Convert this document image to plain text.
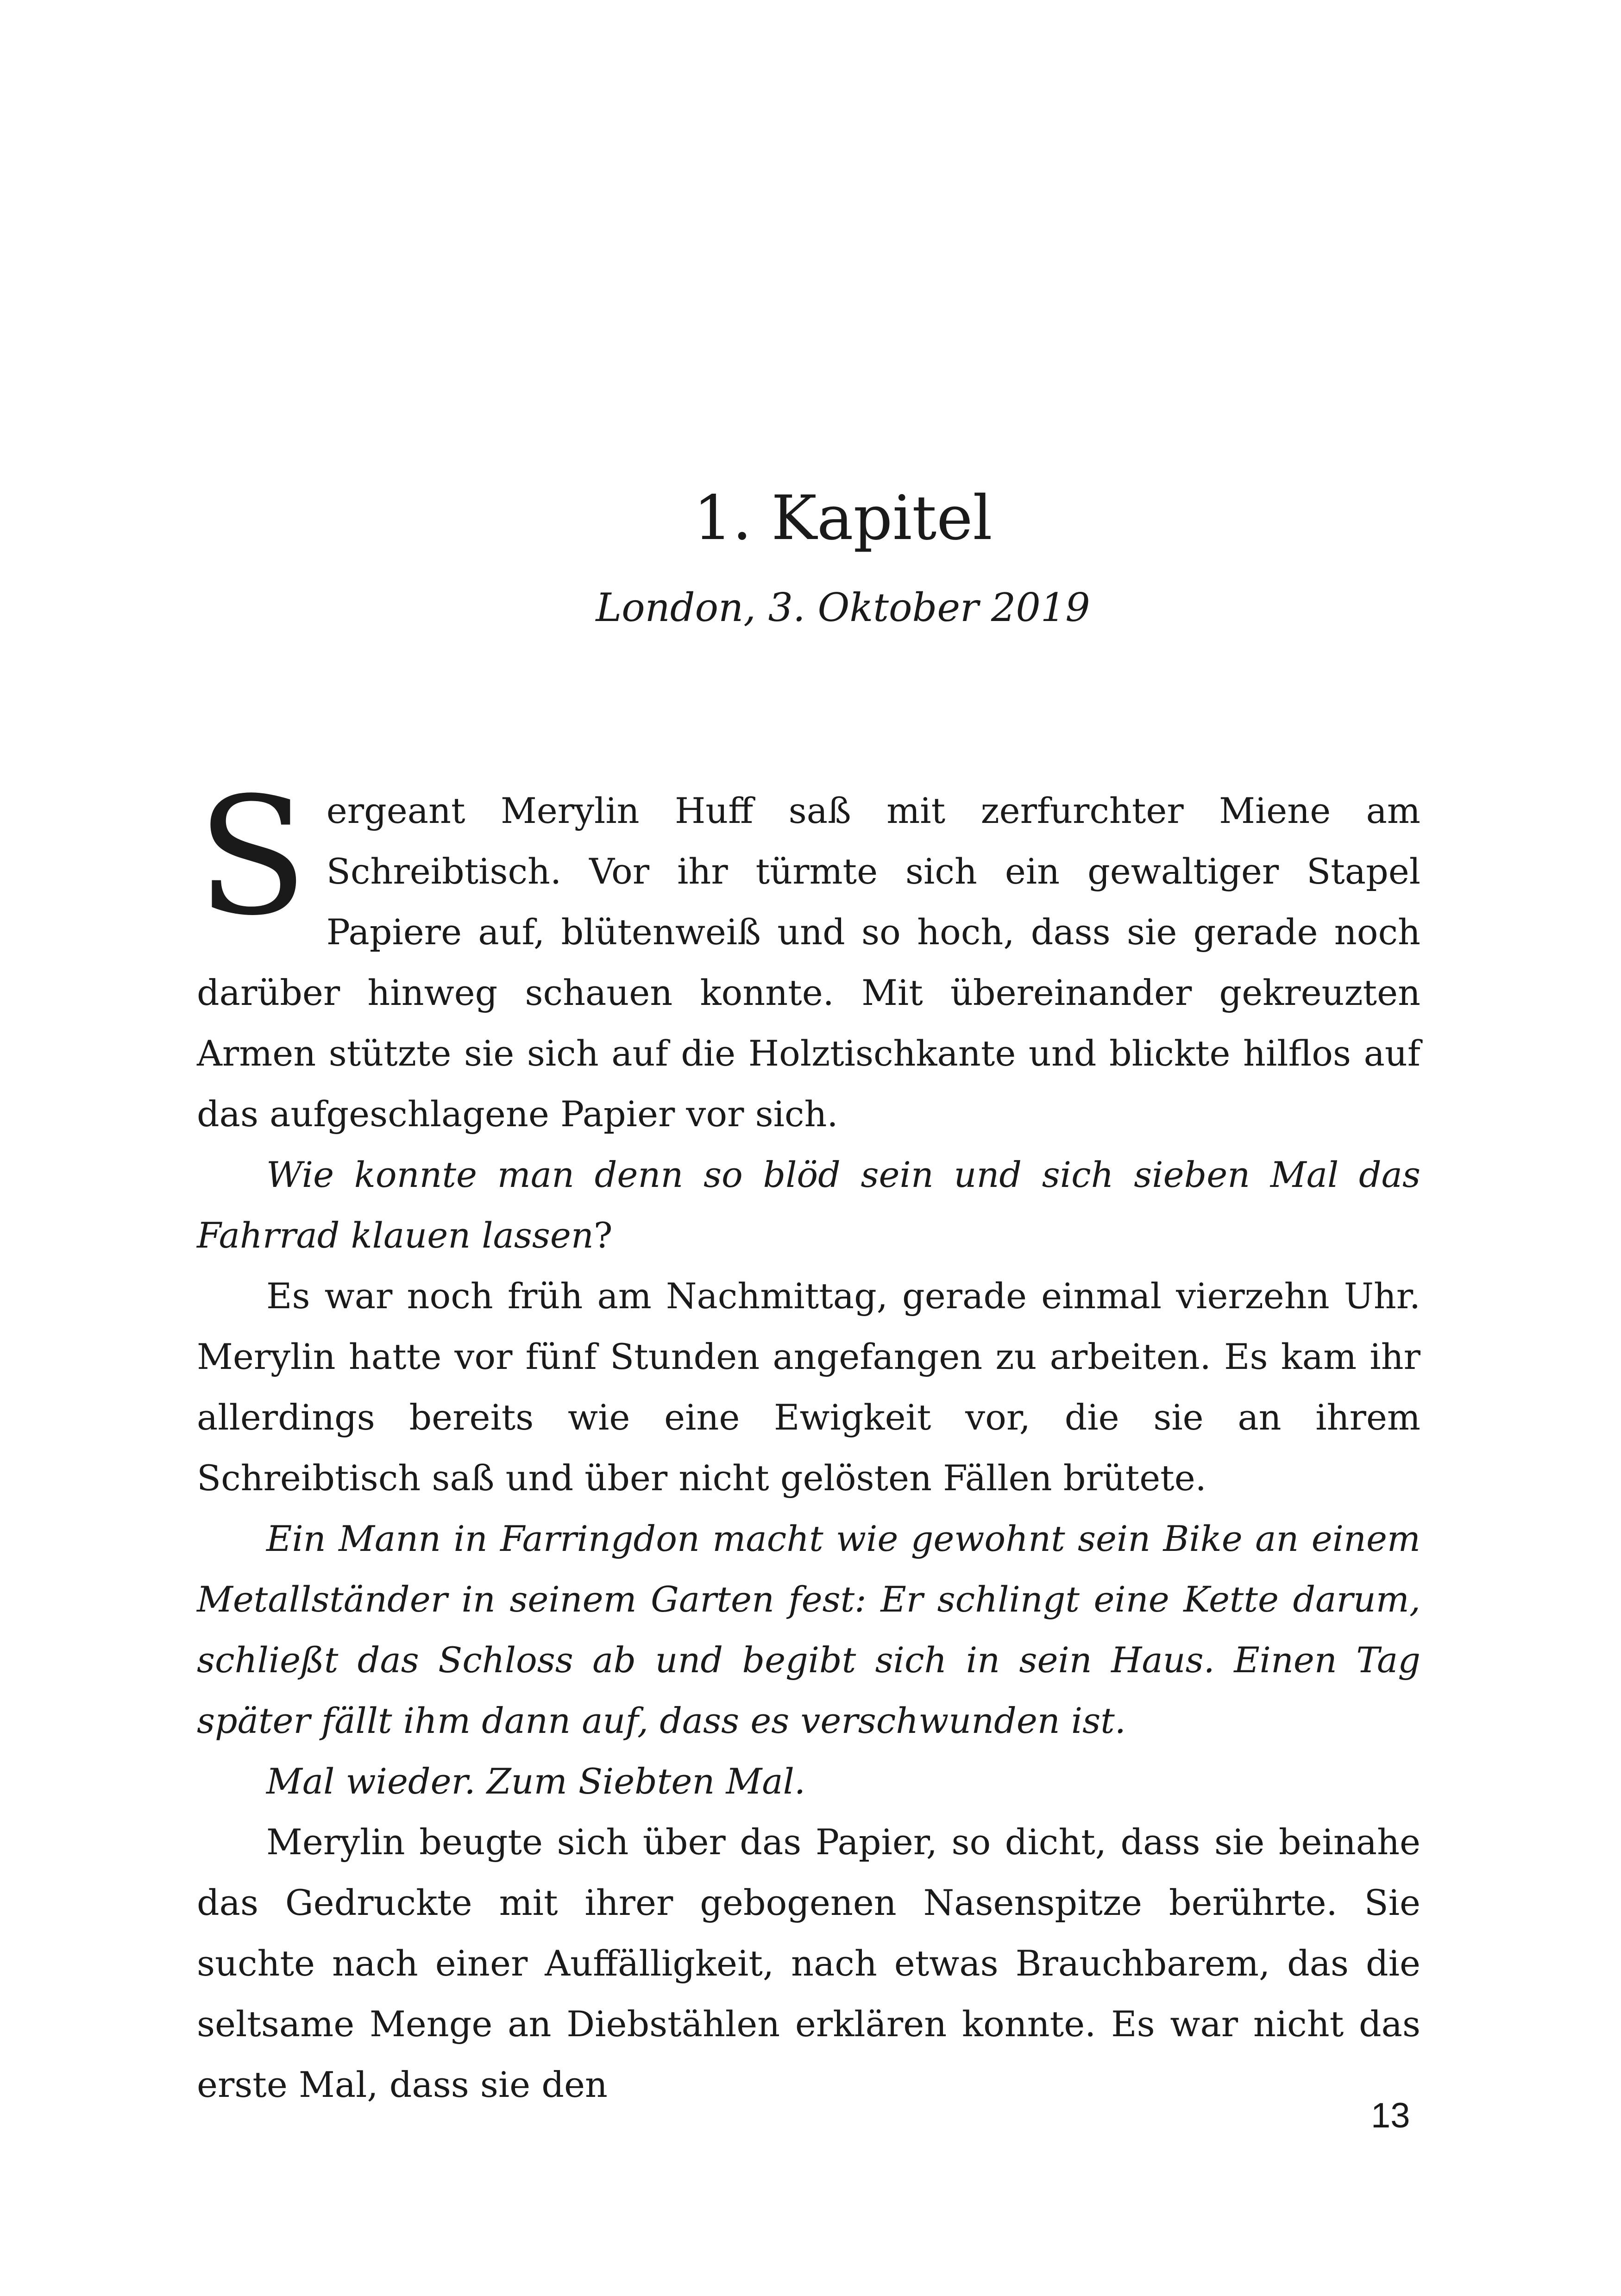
1. Kapitel
London, 3. Oktober 2019

Sergeant Merylin Huff saß mit zerfurchter Miene am Schreibtisch. Vor ihr türmte sich ein gewaltiger Stapel Papiere auf, blütenweiß und so hoch, dass sie gerade noch darüber hinweg schauen konnte. Mit übereinander gekreuzten Armen stützte sie sich auf die Holztischkante und blickte hilflos auf das aufgeschlagene Papier vor sich.

Wie konnte man denn so blöd sein und sich sieben Mal das Fahrrad klauen lassen?

Es war noch früh am Nachmittag, gerade einmal vierzehn Uhr. Merylin hatte vor fünf Stunden angefangen zu arbeiten. Es kam ihr allerdings bereits wie eine Ewigkeit vor, die sie an ihrem Schreibtisch saß und über nicht gelösten Fällen brütete.

Ein Mann in Farringdon macht wie gewohnt sein Bike an einem Metallständer in seinem Garten fest: Er schlingt eine Kette darum, schließt das Schloss ab und begibt sich in sein Haus. Einen Tag später fällt ihm dann auf, dass es verschwunden ist.

Mal wieder. Zum Siebten Mal.

Merylin beugte sich über das Papier, so dicht, dass sie beinahe das Gedruckte mit ihrer gebogenen Nasenspitze berührte. Sie suchte nach einer Auffälligkeit, nach etwas Brauchbarem, das die seltsame Menge an Diebstählen erklären konnte. Es war nicht das erste Mal, dass sie den

13
